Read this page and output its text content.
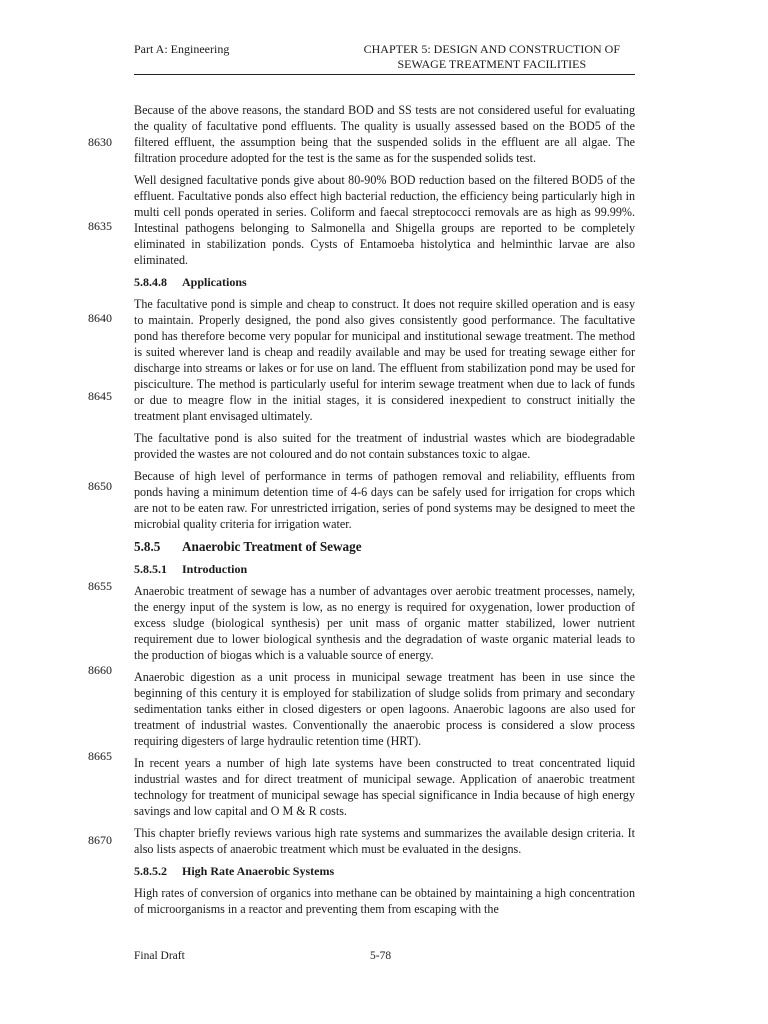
Part A: Engineering	CHAPTER 5: DESIGN AND CONSTRUCTION OF
SEWAGE TREATMENT FACILITIES
8630
8635
8640
8645
8650
8655
8660
8665
8670

Because of the above reasons, the standard BOD and SS tests are not considered useful for evaluating the quality of facultative pond effluents. The quality is usually assessed based on the BOD5 of the filtered effluent, the assumption being that the suspended solids in the effluent are all algae. The filtration procedure adopted for the test is the same as for the suspended solids test.

Well designed facultative ponds give about 80-90% BOD reduction based on the filtered BOD5 of the effluent. Facultative ponds also effect high bacterial reduction, the efficiency being particularly high in multi cell ponds operated in series. Coliform and faecal streptococci removals are as high as 99.99%. Intestinal pathogens belonging to Salmonella and Shigella groups are reported to be completely eliminated in stabilization ponds. Cysts of Entamoeba histolytica and helminthic larvae are also eliminated.

5.8.4.8 Applications

The facultative pond is simple and cheap to construct. It does not require skilled operation and is easy to maintain. Properly designed, the pond also gives consistently good performance. The facultative pond has therefore become very popular for municipal and institutional sewage treatment. The method is suited wherever land is cheap and readily available and may be used for treating sewage either for discharge into streams or lakes or for use on land. The effluent from stabilization pond may be used for pisciculture. The method is particularly useful for interim sewage treatment when due to lack of funds or due to meagre flow in the initial stages, it is considered inexpedient to construct initially the treatment plant envisaged ultimately.

The facultative pond is also suited for the treatment of industrial wastes which are biodegradable provided the wastes are not coloured and do not contain substances toxic to algae.

Because of high level of performance in terms of pathogen removal and reliability, effluents from ponds having a minimum detention time of 4-6 days can be safely used for irrigation for crops which are not to be eaten raw. For unrestricted irrigation, series of pond systems may be designed to meet the microbial quality criteria for irrigation water.

5.8.5 Anaerobic Treatment of Sewage
5.8.5.1 Introduction

Anaerobic treatment of sewage has a number of advantages over aerobic treatment processes, namely, the energy input of the system is low, as no energy is required for oxygenation, lower production of excess sludge (biological synthesis) per unit mass of organic matter stabilized, lower nutrient requirement due to lower biological synthesis and the degradation of waste organic material leads to the production of biogas which is a valuable source of energy.

Anaerobic digestion as a unit process in municipal sewage treatment has been in use since the beginning of this century it is employed for stabilization of sludge solids from primary and secondary sedimentation tanks either in closed digesters or open lagoons. Anaerobic lagoons are also used for treatment of industrial wastes. Conventionally the anaerobic process is considered a slow process requiring digesters of large hydraulic retention time (HRT).

In recent years a number of high late systems have been constructed to treat concentrated liquid industrial wastes and for direct treatment of municipal sewage. Application of anaerobic treatment technology for treatment of municipal sewage has special significance in India because of high energy savings and low capital and O M & R costs.

This chapter briefly reviews various high rate systems and summarizes the available design criteria. It also lists aspects of anaerobic treatment which must be evaluated in the designs.

5.8.5.2 High Rate Anaerobic Systems

High rates of conversion of organics into methane can be obtained by maintaining a high concentration of microorganisms in a reactor and preventing them from escaping with the

Final Draft	5-78
